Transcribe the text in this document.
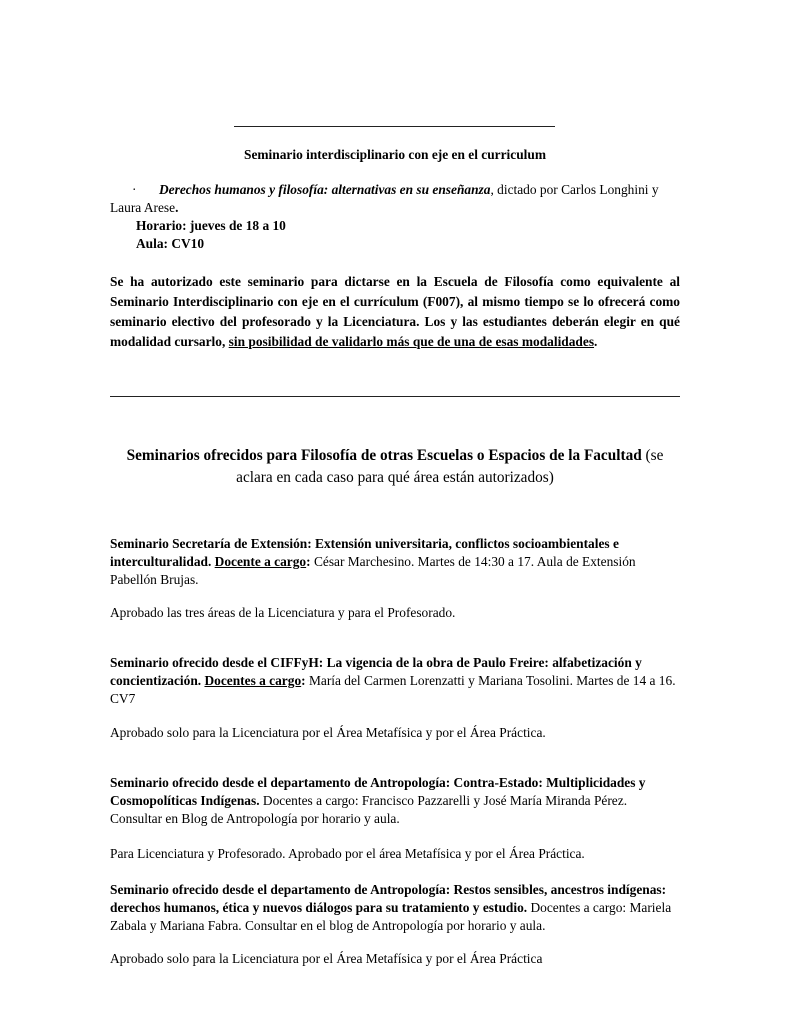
Seminario interdisciplinario con eje en el curriculum

· Derechos humanos y filosofía: alternativas en su enseñanza, dictado por Carlos Longhini y Laura Arese.

Horario: jueves de 18 a 10

Aula: CV10

Se ha autorizado este seminario para dictarse en la Escuela de Filosofía como equivalente al Seminario Interdisciplinario con eje en el currículum (F007), al mismo tiempo se lo ofrecerá como seminario electivo del profesorado y la Licenciatura. Los y las estudiantes deberán elegir en qué modalidad cursarlo, sin posibilidad de validarlo más que de una de esas modalidades.
Seminarios ofrecidos para Filosofía de otras Escuelas o Espacios de la Facultad (se aclara en cada caso para qué área están autorizados)

Seminario Secretaría de Extensión: Extensión universitaria, conflictos socioambientales e interculturalidad. Docente a cargo: César Marchesino. Martes de 14:30 a 17. Aula de Extensión Pabellón Brujas.

Aprobado las tres áreas de la Licenciatura y para el Profesorado.

Seminario ofrecido desde el CIFFyH: La vigencia de la obra de Paulo Freire: alfabetización y concientización. Docentes a cargo: María del Carmen Lorenzatti y Mariana Tosolini. Martes de 14 a 16. CV7

Aprobado solo para la Licenciatura por el Área Metafísica y por el Área Práctica.

Seminario ofrecido desde el departamento de Antropología: Contra-Estado: Multiplicidades y Cosmopolíticas Indígenas. Docentes a cargo: Francisco Pazzarelli y José María Miranda Pérez. Consultar en Blog de Antropología por horario y aula.

Para Licenciatura y Profesorado. Aprobado por el área Metafísica y por el Área Práctica.

Seminario ofrecido desde el departamento de Antropología: Restos sensibles, ancestros indígenas: derechos humanos, ética y nuevos diálogos para su tratamiento y estudio. Docentes a cargo: Mariela Zabala y Mariana Fabra. Consultar en el blog de Antropología por horario y aula.

Aprobado solo para la Licenciatura por el Área Metafísica y por el Área Práctica
